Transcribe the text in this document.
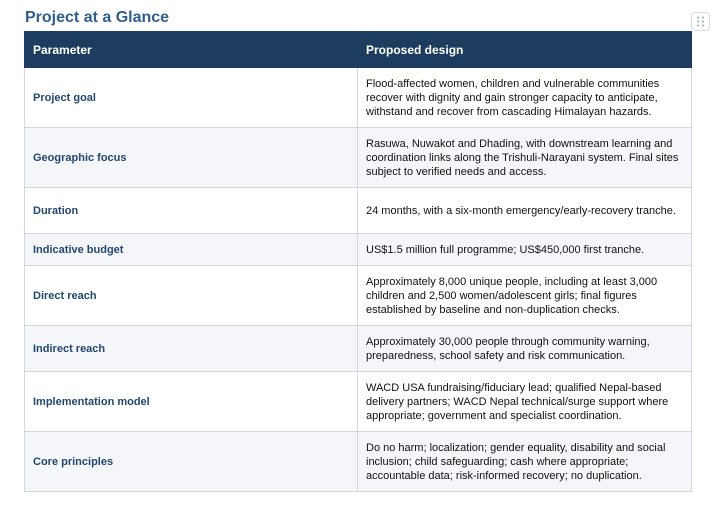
Project at a Glance
Parameter	Proposed design
Project goal	Flood-affected women, children and vulnerable communities recover with dignity and gain stronger capacity to anticipate, withstand and recover from cascading Himalayan hazards.
Geographic focus	Rasuwa, Nuwakot and Dhading, with downstream learning and coordination links along the Trishuli-Narayani system. Final sites subject to verified needs and access.
Duration	24 months, with a six-month emergency/early-recovery tranche.
Indicative budget	US$1.5 million full programme; US$450,000 first tranche.
Direct reach	Approximately 8,000 unique people, including at least 3,000 children and 2,500 women/adolescent girls; final figures established by baseline and non-duplication checks.
Indirect reach	Approximately 30,000 people through community warning, preparedness, school safety and risk communication.
Implementation model	WACD USA fundraising/fiduciary lead; qualified Nepal-based delivery partners; WACD Nepal technical/surge support where appropriate; government and specialist coordination.
Core principles	Do no harm; localization; gender equality, disability and social inclusion; child safeguarding; cash where appropriate; accountable data; risk-informed recovery; no duplication.
